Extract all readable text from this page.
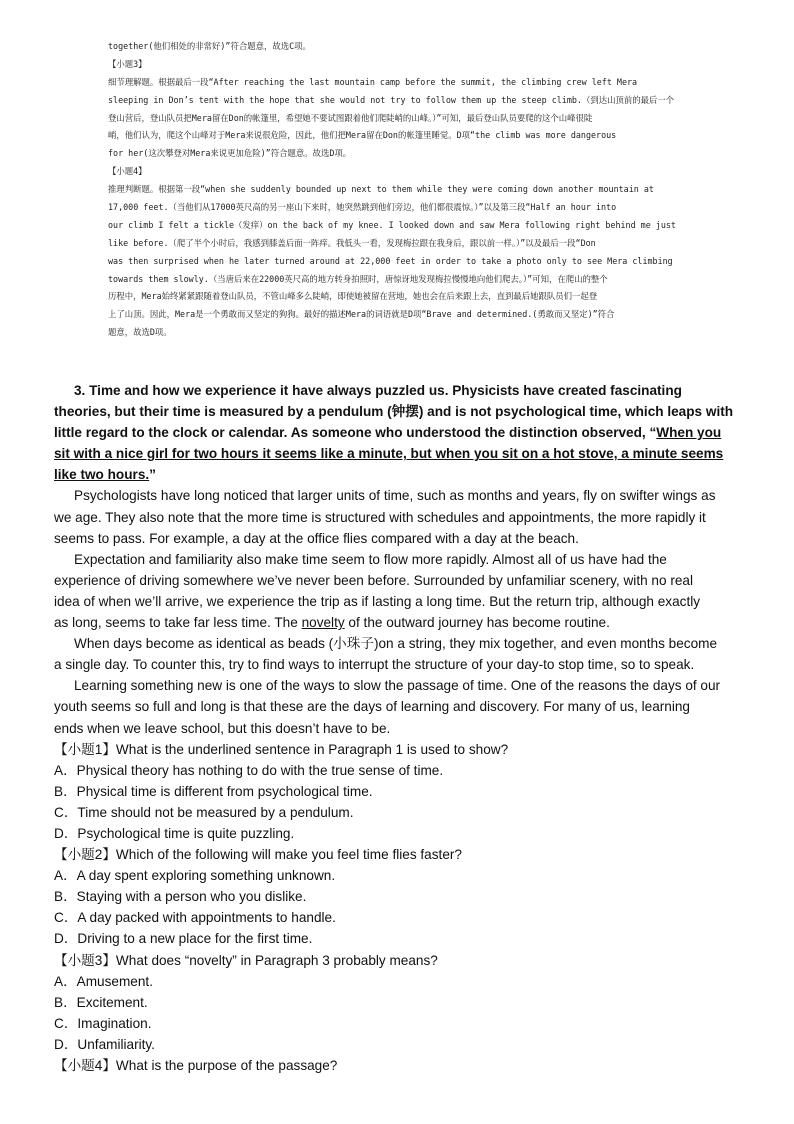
together(他们相处的非常好)”符合题意，故选C项。
【小题3】
细节理解题。根据最后一段“After reaching the last mountain camp before the summit, the climbing crew left Mera
sleeping in Don’s tent with the hope that she would not try to follow them up the steep climb.（到达山顶前的最后一个
登山营后，登山队员把Mera留在Don的帐篷里，希望她不要试图跟着他们爬陡峭的山峰。）”可知，最后登山队员要爬的这个山峰很陡
峭，他们认为，爬这个山峰对于Mera来说很危险，因此，他们把Mera留在Don的帐篷里睡觉。D项“the climb was more dangerous
for her(这次攀登对Mera来说更加危险)”符合题意。故选D项。
【小题4】
推理判断题。根据第一段“when she suddenly bounded up next to them while they were coming down another mountain at
17,000 feet.（当他们从17000英尺高的另一座山下来时，她突然跳到他们旁边，他们都很震惊。）”以及第三段“Half an hour into
our climb I felt a tickle（发痒）on the back of my knee. I looked down and saw Mera following right behind me just
like before.（爬了半个小时后，我感到膝盖后面一阵痒。我低头一看，发现梅拉跟在我身后，跟以前一样。）”以及最后一段“Don
was then surprised when he later turned around at 22,000 feet in order to take a photo only to see Mera climbing
towards them slowly.（当唐后来在22000英尺高的地方转身拍照时，唐惊讶地发现梅拉慢慢地向他们爬去。）”可知，在爬山的整个
历程中，Mera始终紧紧跟随着登山队员，不管山峰多么陡峭，即使她被留在营地，她也会在后来跟上去，直到最后她跟队员们一起登
上了山顶。因此，Mera是一个勇敢而又坚定的狗狗。最好的描述Mera的词语就是D项“Brave and determined.(勇敢而又坚定)”符合
题意，故选D项。
3. Time and how we experience it have always puzzled us. Physicists have created fascinating
theories, but their time is measured by a pendulum (钟摆) and is not psychological time, which leaps with
little regard to the clock or calendar. As someone who understood the distinction observed, “When you
sit with a nice girl for two hours it seems like a minute, but when you sit on a hot stove, a minute seems
like two hours.”
Psychologists have long noticed that larger units of time, such as months and years, fly on swifter wings as
we age. They also note that the more time is structured with schedules and appointments, the more rapidly it
seems to pass. For example, a day at the office flies compared with a day at the beach.
Expectation and familiarity also make time seem to flow more rapidly. Almost all of us have had the
experience of driving somewhere we’ve never been before. Surrounded by unfamiliar scenery, with no real
idea of when we’ll arrive, we experience the trip as if lasting a long time. But the return trip, although exactly
as long, seems to take far less time. The novelty of the outward journey has become routine.
When days become as identical as beads (小珠子)on a string, they mix together, and even months become
a single day. To counter this, try to find ways to interrupt the structure of your day-to stop time, so to speak.
Learning something new is one of the ways to slow the passage of time. One of the reasons the days of our
youth seems so full and long is that these are the days of learning and discovery. For many of us, learning
ends when we leave school, but this doesn’t have to be.
【小题1】What is the underlined sentence in Paragraph 1 is used to show?
A．Physical theory has nothing to do with the true sense of time.
B．Physical time is different from psychological time.
C．Time should not be measured by a pendulum.
D．Psychological time is quite puzzling.
【小题2】Which of the following will make you feel time flies faster?
A．A day spent exploring something unknown.
B．Staying with a person who you dislike.
C．A day packed with appointments to handle.
D．Driving to a new place for the first time.
【小题3】What does “novelty” in Paragraph 3 probably means?
A．Amusement.
B．Excitement.
C．Imagination.
D．Unfamiliarity.
【小题4】What is the purpose of the passage?
